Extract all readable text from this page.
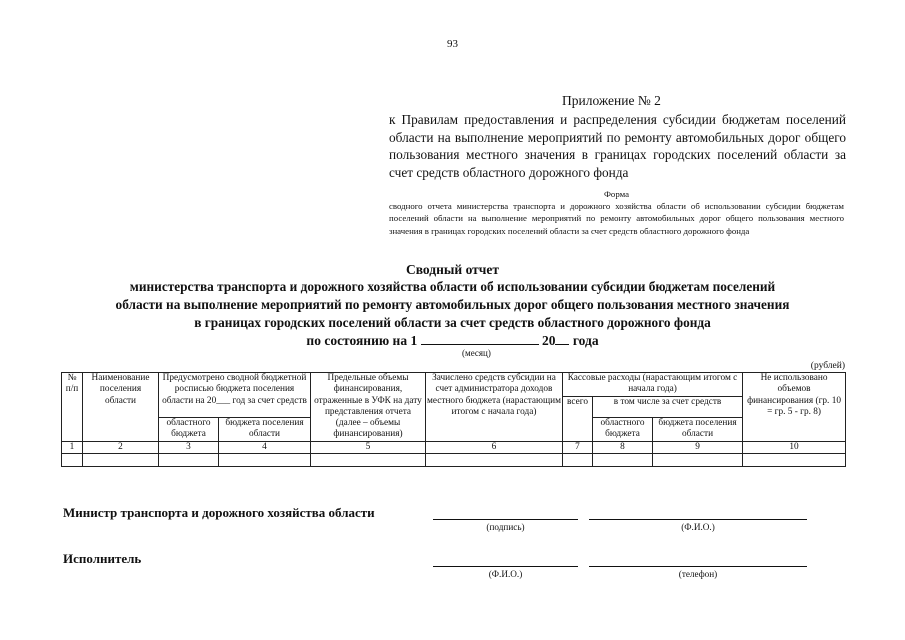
93
Приложение № 2
к Правилам предоставления и распределения субсидии бюджетам поселений области на выполнение мероприятий по ремонту автомобильных дорог общего пользования местного значения в границах городских поселений области за счет средств областного дорожного фонда
Форма
сводного отчета министерства транспорта и дорожного хозяйства области об использовании субсидии бюджетам поселений области на выполнение мероприятий по ремонту автомобильных дорог общего пользования местного значения в границах городских поселений области за счет средств областного дорожного фонда
Сводный отчет
министерства транспорта и дорожного хозяйства области об использовании субсидии бюджетам поселений
области на выполнение мероприятий по ремонту автомобильных дорог общего пользования местного значения
в границах городских поселений области за счет средств областного дорожного фонда
по состоянию на 1	20 года
(месяц)
(рублей)
№ п/п	Наименование поселения области	Предусмотрено сводной бюджетной росписью бюджета поселения области на 20___ год за счет средств		Предельные объемы финансирования, отраженные в УФК на дату представления отчета (далее – объемы финансирования)	Зачислено средств субсидии на счет администратора доходов местного бюджета (нарастающим итогом с начала года)	Кассовые расходы (нарастающим итогом с начала года)			Не использовано объемов финансирования (гр. 10 = гр. 5 - гр. 8)
						всего	в том числе за счет средств		
		областного бюджета	бюджета поселения области				областного бюджета	бюджета поселения области	
1	2	3	4	5	6	7	8	9	10

Министр транспорта и дорожного хозяйства области
(подпись)	(Ф.И.О.)
Исполнитель
(Ф.И.О.)	(телефон)
